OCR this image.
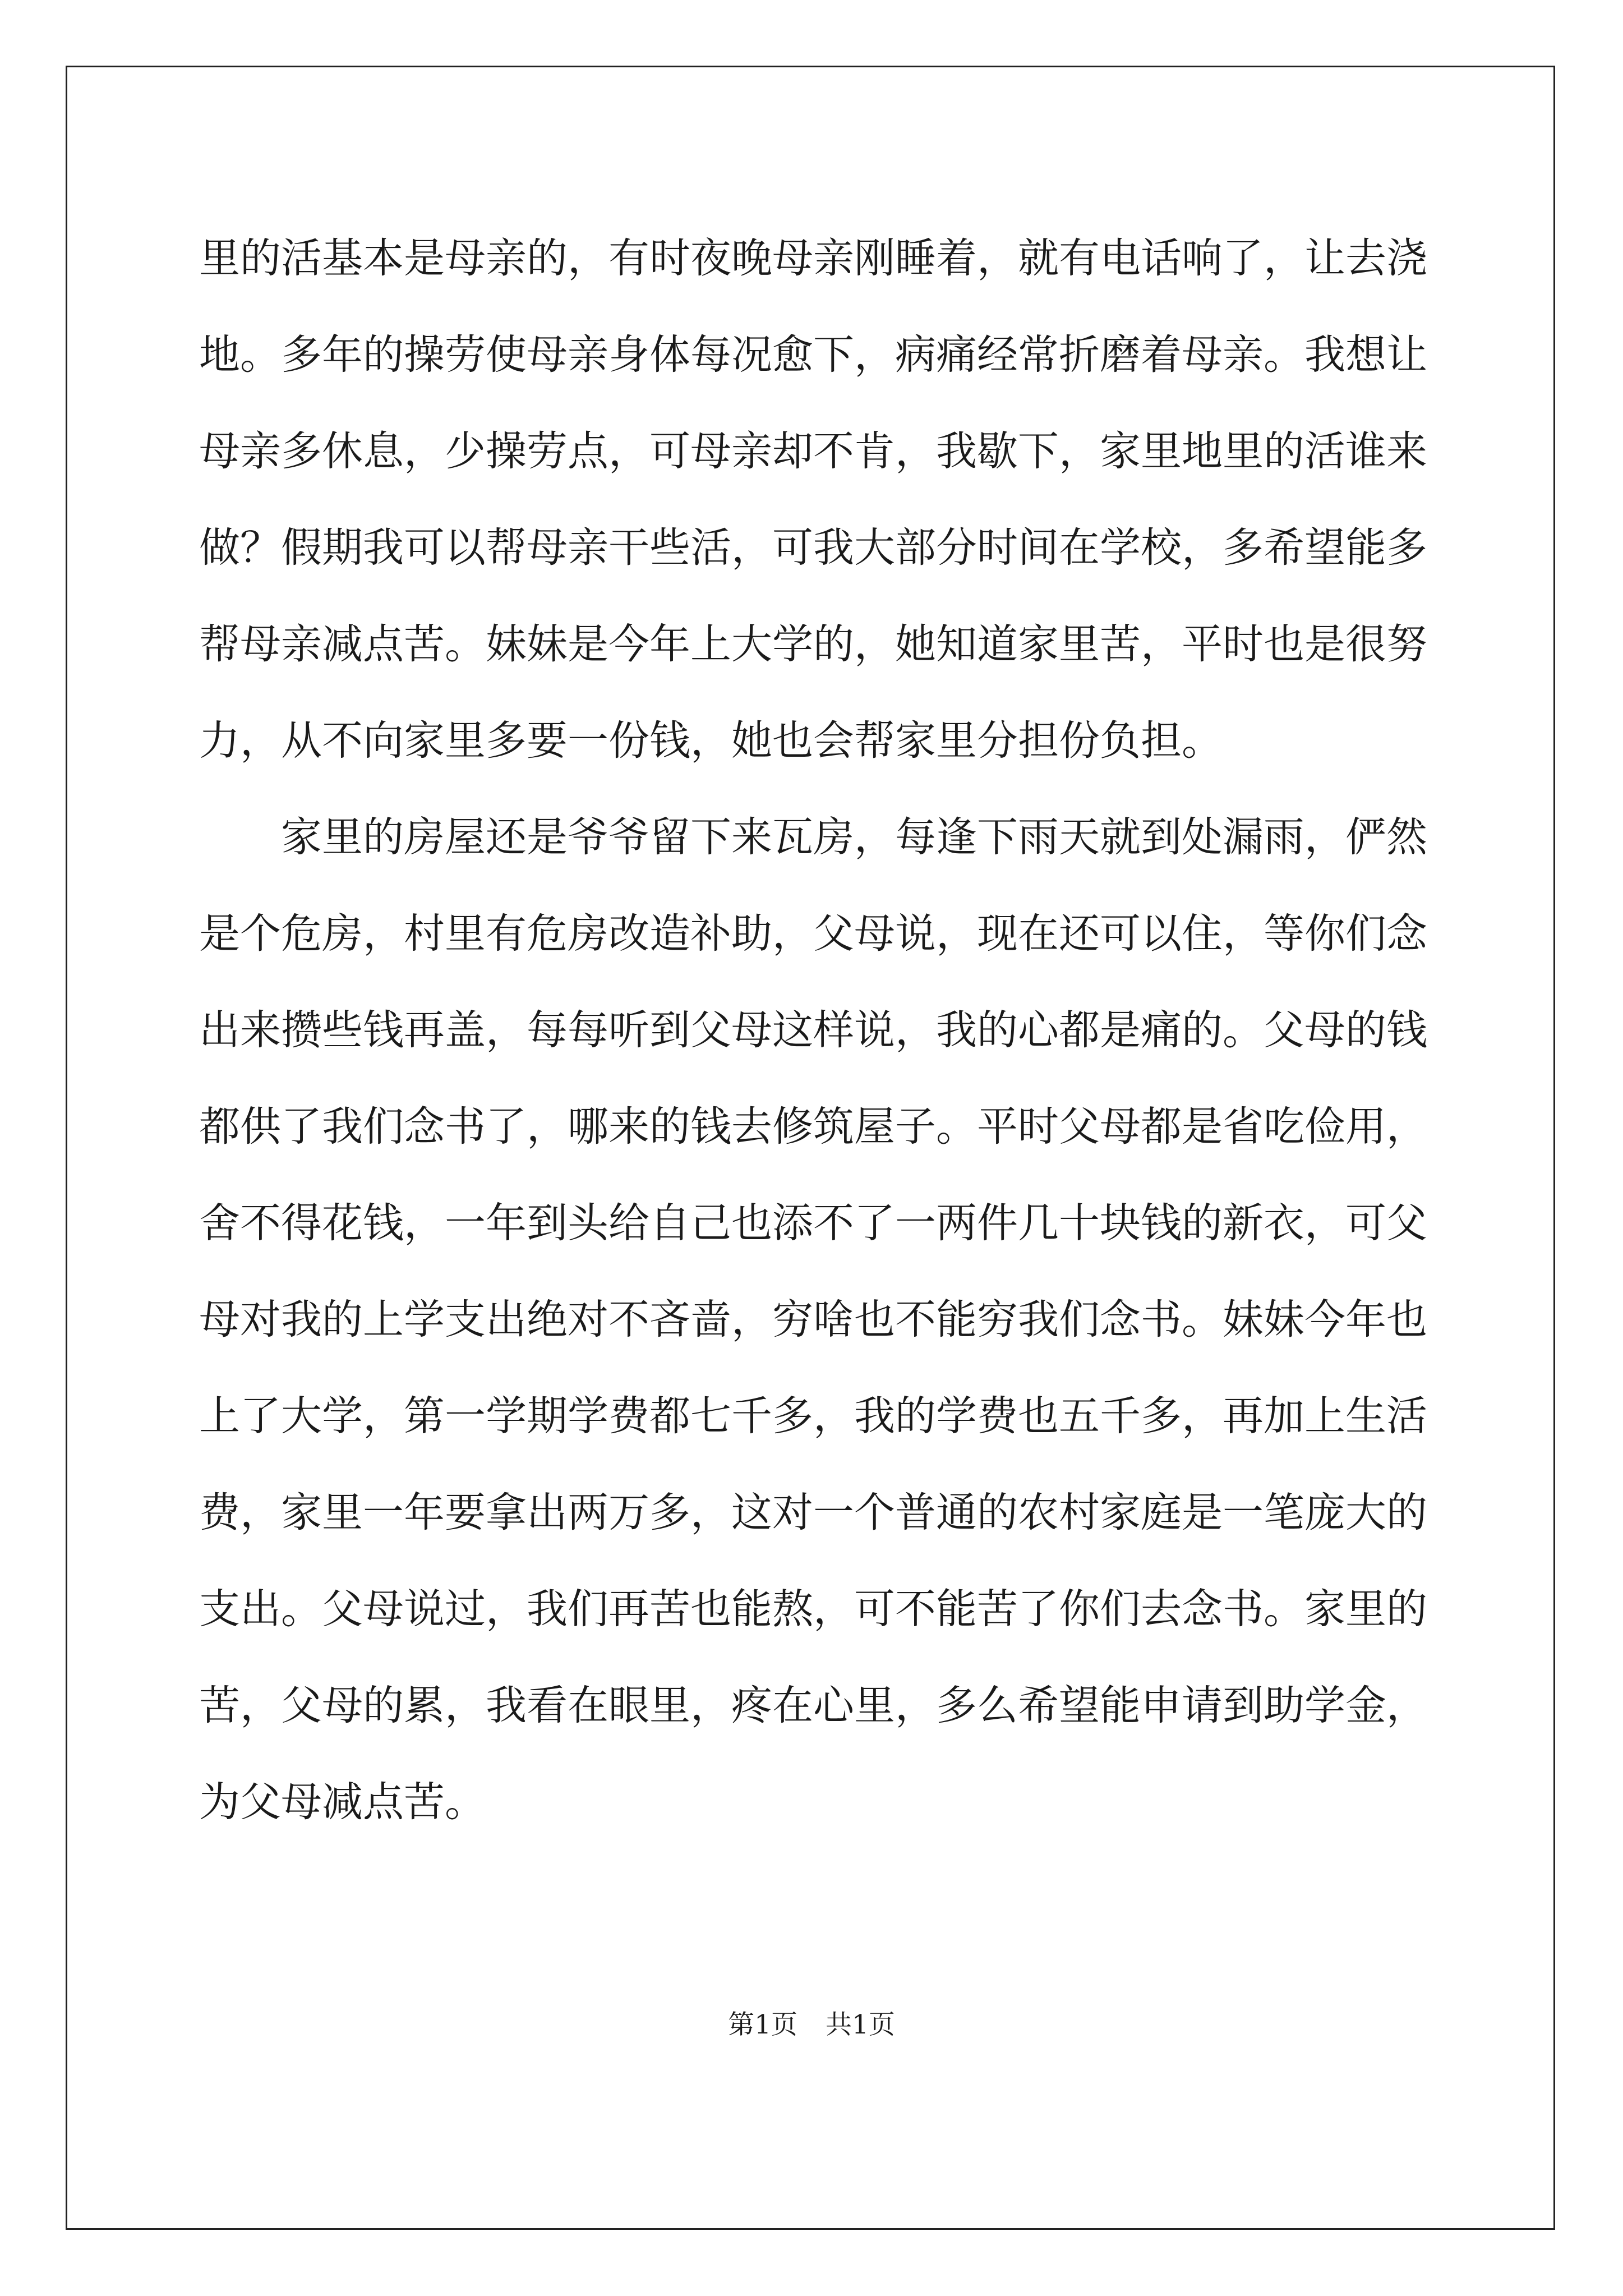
里的活基本是母亲的，有时夜晚母亲刚睡着，就有电话响了，让去浇
地。多年的操劳使母亲身体每况愈下，病痛经常折磨着母亲。我想让
母亲多休息，少操劳点，可母亲却不肯，我歇下，家里地里的活谁来
做？假期我可以帮母亲干些活，可我大部分时间在学校，多希望能多
帮母亲减点苦。妹妹是今年上大学的，她知道家里苦，平时也是很努
力，从不向家里多要一份钱，她也会帮家里分担份负担。
家里的房屋还是爷爷留下来瓦房，每逢下雨天就到处漏雨，俨然
是个危房，村里有危房改造补助，父母说，现在还可以住，等你们念
出来攒些钱再盖，每每听到父母这样说，我的心都是痛的。父母的钱
都供了我们念书了，哪来的钱去修筑屋子。平时父母都是省吃俭用，
舍不得花钱，一年到头给自己也添不了一两件几十块钱的新衣，可父
母对我的上学支出绝对不吝啬，穷啥也不能穷我们念书。妹妹今年也
上了大学，第一学期学费都七千多，我的学费也五千多，再加上生活
费，家里一年要拿出两万多，这对一个普通的农村家庭是一笔庞大的
支出。父母说过，我们再苦也能熬，可不能苦了你们去念书。家里的
苦，父母的累，我看在眼里，疼在心里，多么希望能申请到助学金，
为父母减点苦。
第1页 共1页
